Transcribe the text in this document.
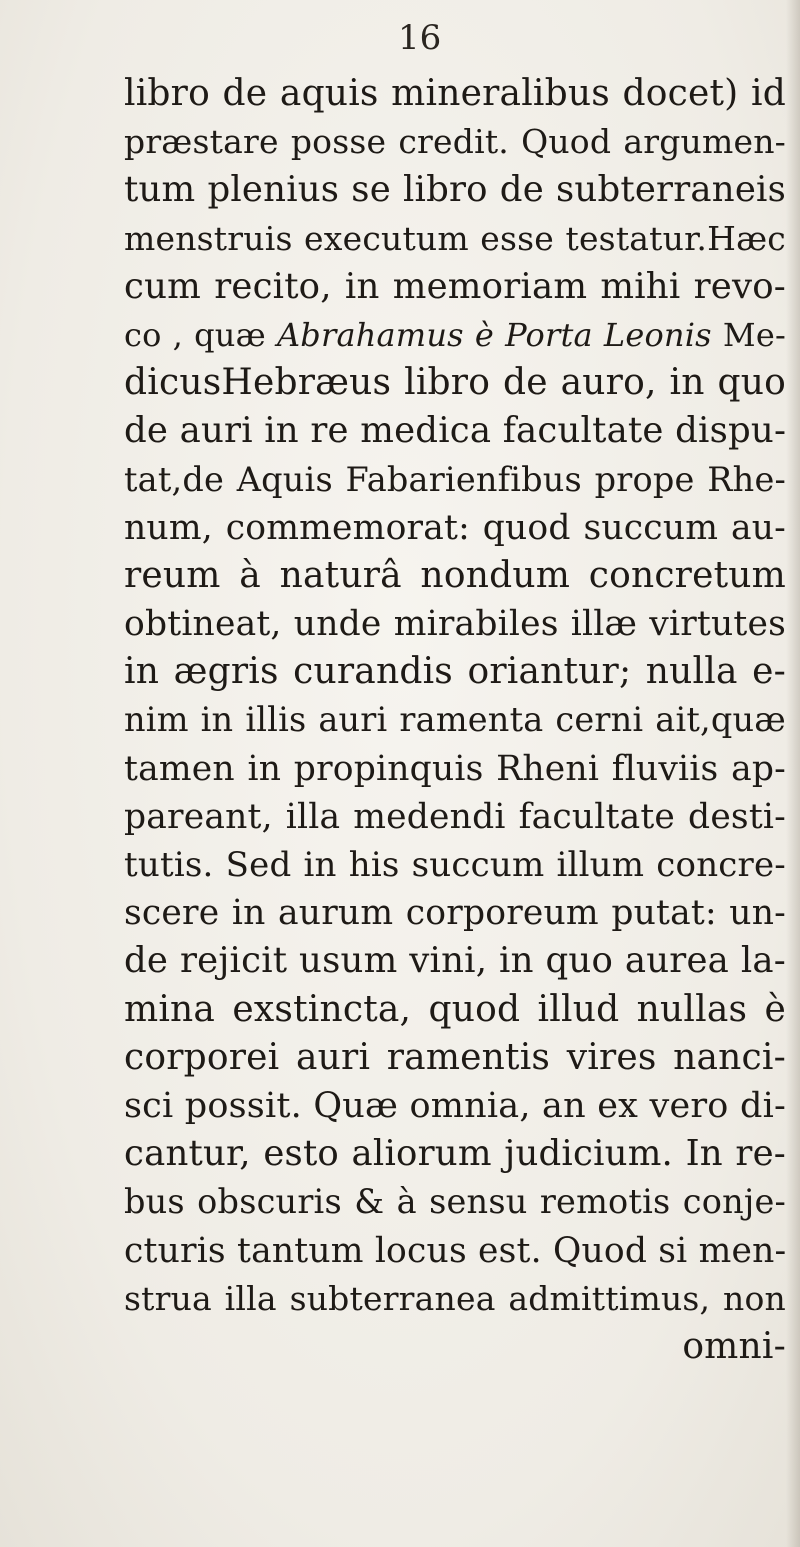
16

libro de aquis mineralibus docet) id
præstare posse credit. Quod argumen-
tum plenius se libro de subterraneis
menstruis executum esse testatur.Hæc
cum recito, in memoriam mihi revo-
co , quæ Abrahamus è Porta Leonis Me-
dicusHebræus libro de auro, in quo
de auri in re medica facultate dispu-
tat,de Aquis Fabarienfibus prope Rhe-
num, commemorat: quod succum au-
reum à naturâ nondum concretum
obtineat, unde mirabiles illæ virtutes
in ægris curandis oriantur; nulla e-
nim in illis auri ramenta cerni ait,quæ
tamen in propinquis Rheni fluviis ap-
pareant, illa medendi facultate desti-
tutis. Sed in his succum illum concre-
scere in aurum corporeum putat: un-
de rejicit usum vini, in quo aurea la-
mina exstincta, quod illud nullas è
corporei auri ramentis vires nanci-
sci possit. Quæ omnia, an ex vero di-
cantur, esto aliorum judicium. In re-
bus obscuris & à sensu remotis conje-
cturis tantum locus est. Quod si men-
strua illa subterranea admittimus, non
omni-
